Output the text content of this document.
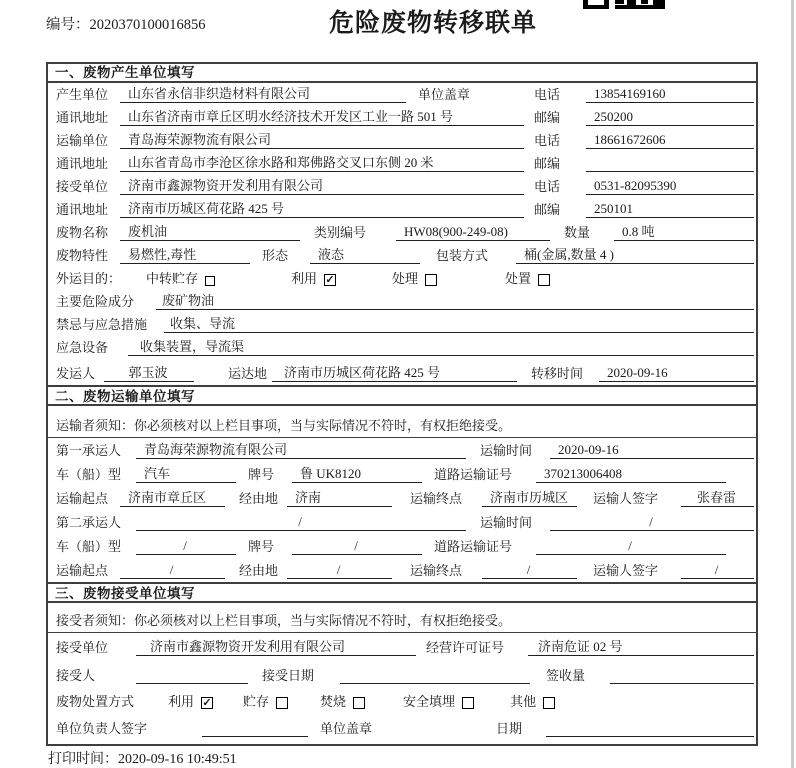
编号：2020370100016856	危险废物转移联单
一、废物产生单位填写
产生单位	山东省永信非织造材料有限公司	单位盖章	电话	13854169160
通讯地址	山东省济南市章丘区明水经济技术开发区工业一路 501 号	邮编	250200
运输单位	青岛海荣源物流有限公司	电话	18661672606
通讯地址	山东省青岛市李沧区徐水路和郑佛路交叉口东侧 20 米	邮编
接受单位	济南市鑫源物资开发利用有限公司	电话	0531-82095390
通讯地址	济南市历城区荷花路 425 号	邮编	250101
废物名称	废机油	类别编号	HW08(900-249-08)	数量	0.8 吨
废物特性	易燃性,毒性	形态	液态	包装方式	桶(金属,数量 4 )
外运目的：	中转贮存	利用 ✓	处理	处置
主要危险成分	废矿物油
禁忌与应急措施	收集、导流
应急设备	收集装置，导流渠
发运人	郭玉波	运达地	济南市历城区荷花路 425 号	转移时间	2020-09-16
二、废物运输单位填写
运输者须知：你必须核对以上栏目事项，当与实际情况不符时，有权拒绝接受。
第一承运人	青岛海荣源物流有限公司	运输时间	2020-09-16
车（船）型	汽车	牌号	鲁 UK8120	道路运输证号	370213006408
运输起点	济南市章丘区	经由地	济南	运输终点	济南市历城区	运输人签字	张春雷
第二承运人	/	运输时间	/
车（船）型	/	牌号	/	道路运输证号	/
运输起点	/	经由地	/	运输终点	/	运输人签字	/
三、废物接受单位填写
接受者须知：你必须核对以上栏目事项，当与实际情况不符时，有权拒绝接受。
接受单位	济南市鑫源物资开发利用有限公司	经营许可证号	济南危证 02 号
接受人	接受日期	签收量
废物处置方式	利用 ✓ 贮存	焚烧	安全填埋	其他
单位负责人签字	单位盖章	日期
打印时间：2020-09-16 10:49:51
